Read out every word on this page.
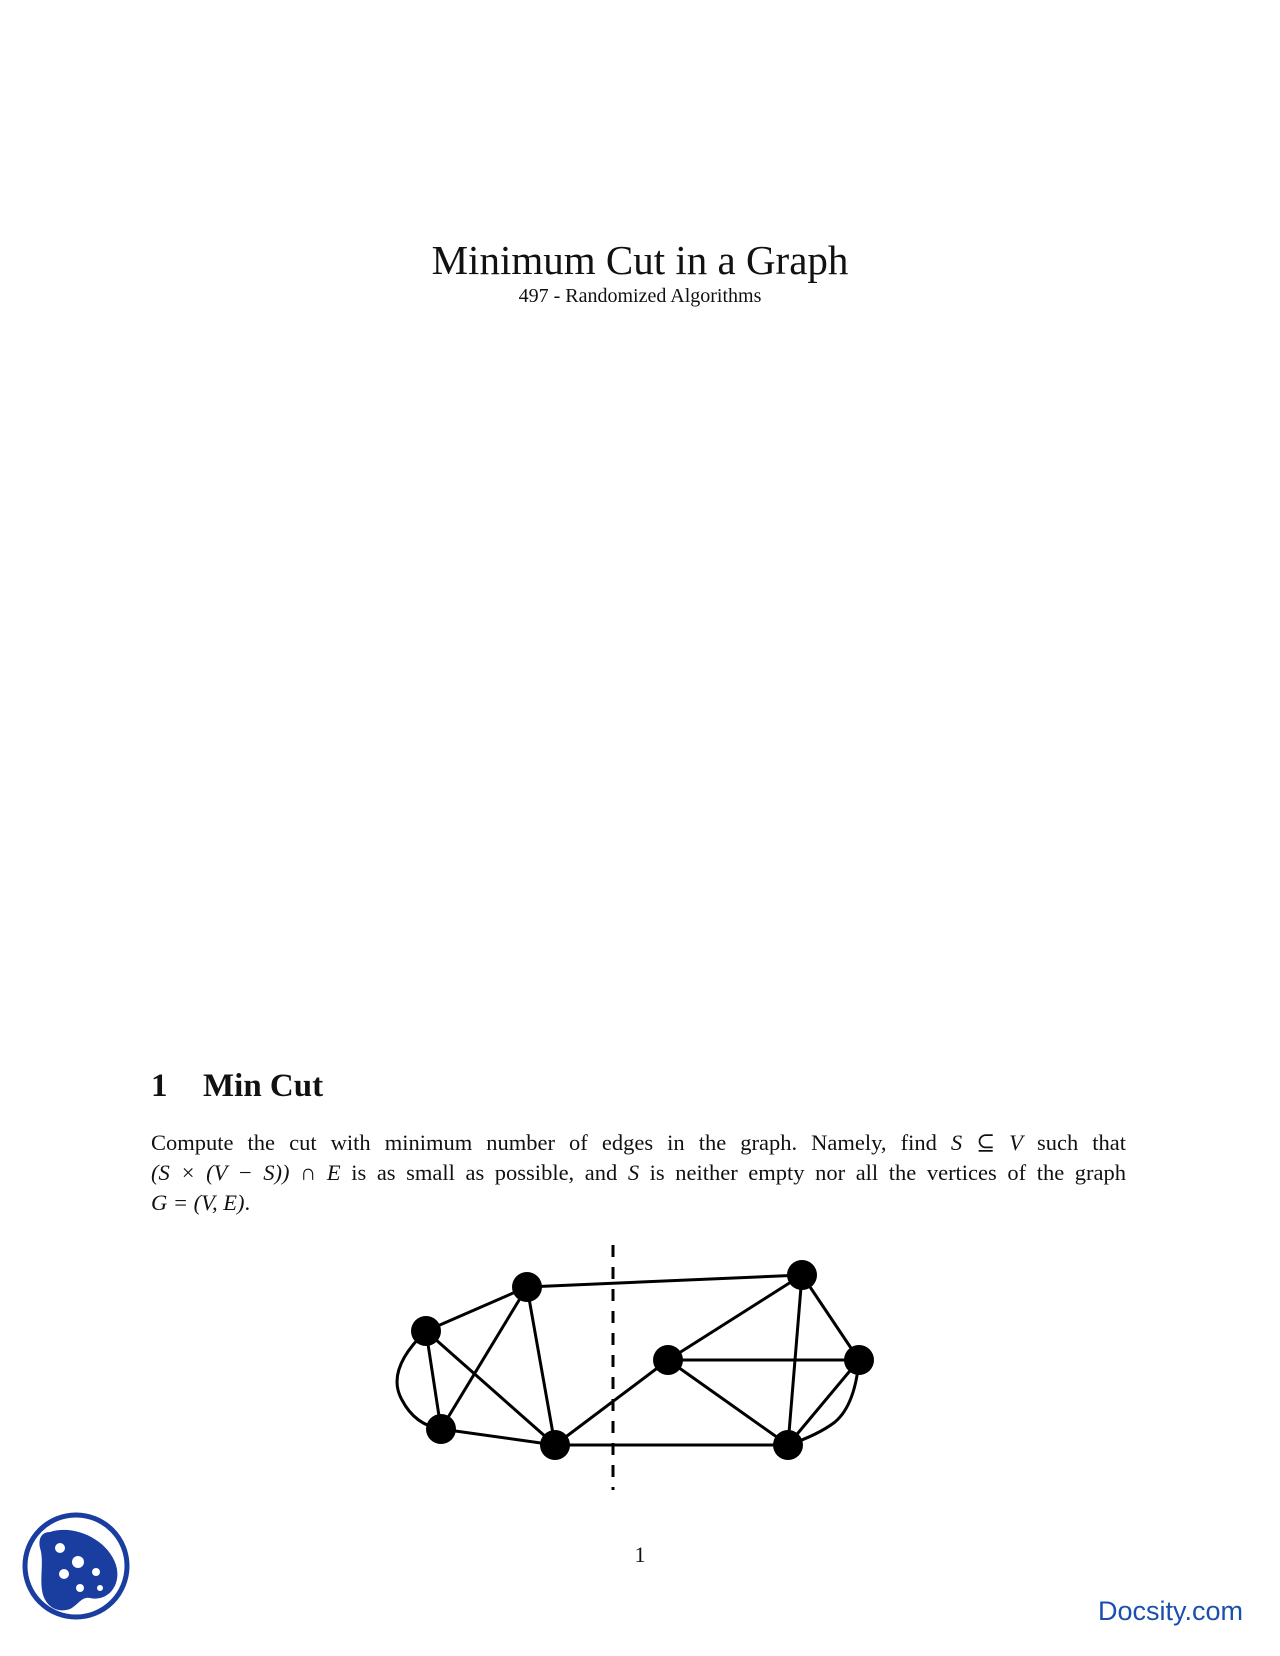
Minimum Cut in a Graph
497 - Randomized Algorithms
1 Min Cut
Compute the cut with minimum number of edges in the graph. Namely, find S ⊆ V such that
(S × (V − S)) ∩ E is as small as possible, and S is neither empty nor all the vertices of the graph
G = (V, E).
1
Docsity.com
